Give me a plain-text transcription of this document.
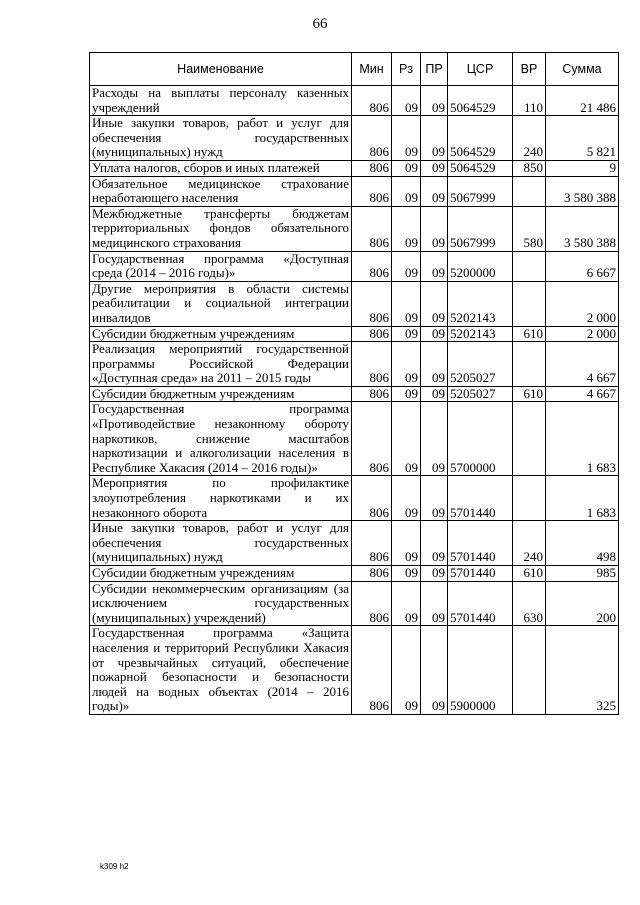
66
Наименование	Мин	Рз	ПР	ЦСР	ВР	Сумма
Расходы на выплаты персоналу казенных учреждений	806	09	09	5064529	110	21 486
Иные закупки товаров, работ и услуг для обеспечения государственных (муниципальных) нужд	806	09	09	5064529	240	5 821
Уплата налогов, сборов и иных платежей	806	09	09	5064529	850	9
Обязательное медицинское страхование неработающего населения	806	09	09	5067999		3 580 388
Межбюджетные трансферты бюджетам территориальных фондов обязательного медицинского страхования	806	09	09	5067999	580	3 580 388
Государственная программа «Доступная среда (2014 – 2016 годы)»	806	09	09	5200000		6 667
Другие мероприятия в области системы реабилитации и социальной интеграции инвалидов	806	09	09	5202143		2 000
Субсидии бюджетным учреждениям	806	09	09	5202143	610	2 000
Реализация мероприятий государственной программы Российской Федерации «Доступная среда» на 2011 – 2015 годы	806	09	09	5205027		4 667
Субсидии бюджетным учреждениям	806	09	09	5205027	610	4 667
Государственная программа «Противодействие незаконному обороту наркотиков, снижение масштабов наркотизации и алкоголизации населения в Республике Хакасия (2014 – 2016 годы)»	806	09	09	5700000		1 683
Мероприятия по профилактике злоупотребления наркотиками и их незаконного оборота	806	09	09	5701440		1 683
Иные закупки товаров, работ и услуг для обеспечения государственных (муниципальных) нужд	806	09	09	5701440	240	498
Субсидии бюджетным учреждениям	806	09	09	5701440	610	985
Субсидии некоммерческим организациям (за исключением государственных (муниципальных) учреждений)	806	09	09	5701440	630	200
Государственная программа «Защита населения и территорий Республики Хакасия от чрезвычайных ситуаций, обеспечение пожарной безопасности и безопасности людей на водных объектах (2014 – 2016 годы)»	806	09	09	5900000		325
k309 h2
